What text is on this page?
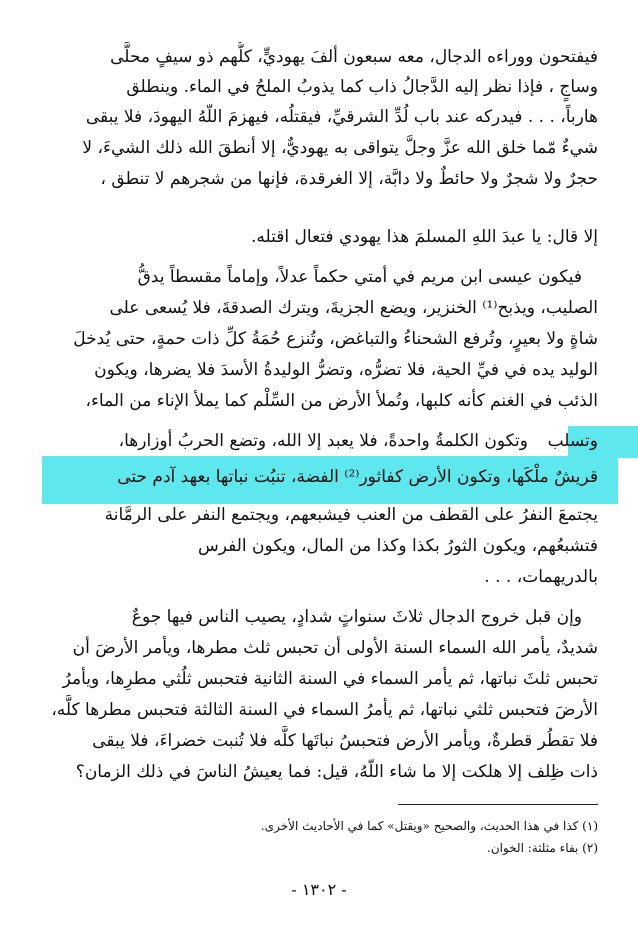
فيفتحون ووراءه الدجال، معه سبعون ألفَ يهوديٍّ، كلُّهم ذو سيفٍ محلًّى
وساجٍ ، فإذا نظر إليه الدَّجالُ ذاب كما يذوبُ الملحُ في الماء. وينطلق
هارباً، . . . فيدركه عند باب لُدِّ الشرقيِّ، فيقتلُه، فيهزمَ اللّهُ اليهودَ، فلا يبقى
شيءٌ مّما خلق الله عزَّ وجلَّ يتواقى به يهوديٌّ، إلا أنطقَ الله ذلك الشيءَ، لا
حجرٌ ولا شجرٌ ولا حائطٌ ولا دابَّة، إلا الغرقدة، فإنها من شجرهم لا تنطق ،
إلا قال: يا عبدَ اللهِ المسلمَ هذا يهودي فتعال اقتله.
فيكون عيسى ابن مريم في أمتي حكماً عدلاً، وإماماً مقسطاً يدقُّ
الصليب، ويذبح⁽¹⁾ الخنزير، ويضع الجزيةَ، ويترك الصدقةَ، فلا يُسعى على
شاةٍ ولا بعيرٍ، وتُرفع الشحناءُ والتباغض، وتُنزع حُمَةُ كلِّ ذات حمةٍ، حتى يُدخلَ
الوليد يده في فيِّ الحية، فلا تضرُّه، وتضرُّ الوليدةُ الأسدَ فلا يضرها، ويكون
الذئب في الغنم كأنه كلبها، وتُملأ الأرض من السِّلْم كما يملأ الإناء من الماء،
وتكون الكلمةُ واحدةً، فلا يعبد إلا الله، وتضع الحربُ أوزارها،	وتسلب
قريشٌ ملْكَها، وتكون الأرض كفاثور⁽²⁾ الفضة، تنبُت نباتها بعهد آدم حتى
يجتمعَ النفرُ على القطف من العنب فيشبعهم، ويجتمع النفر على الرمَّانة
فتشبعُهم، ويكون الثورُ بكذا وكذا من المال، ويكون الفرس
بالدريهمات، . . .
وإن قبل خروج الدجال ثلاثَ سنواتٍ شدادٍ، يصيب الناس فيها جوعٌ
شديدٌ، يأمر الله السماء السنة الأولى أن تحبس ثلث مطرها، ويأمر الأرضَ أن
تحبس ثلثَ نباتها، ثم يأمر السماء في السنة الثانية فتحبس ثلُثي مطرِها، ويأمرُ
الأرضَ فتحبس ثلثي نباتها، ثم يأمرُ السماء في السنة الثالثة فتحبس مطرها كلَّه،
فلا تقطُر قطرةٌ، ويأمر الأرض فتحبسُ نباتَها كلَّه فلا تُنبت خضراءَ، فلا يبقى
ذات ظِلف إلا هلكت إلا ما شاء اللّهُ، قيل: فما يعيشُ الناسَ في ذلك الزمان؟
(١) كذا في هذا الحديث، والصحيح «ويقتل» كما في الأحاديث الأخرى.
(٢) بفاء مثلثة: الخوان.
- ١٣٠٢ -
